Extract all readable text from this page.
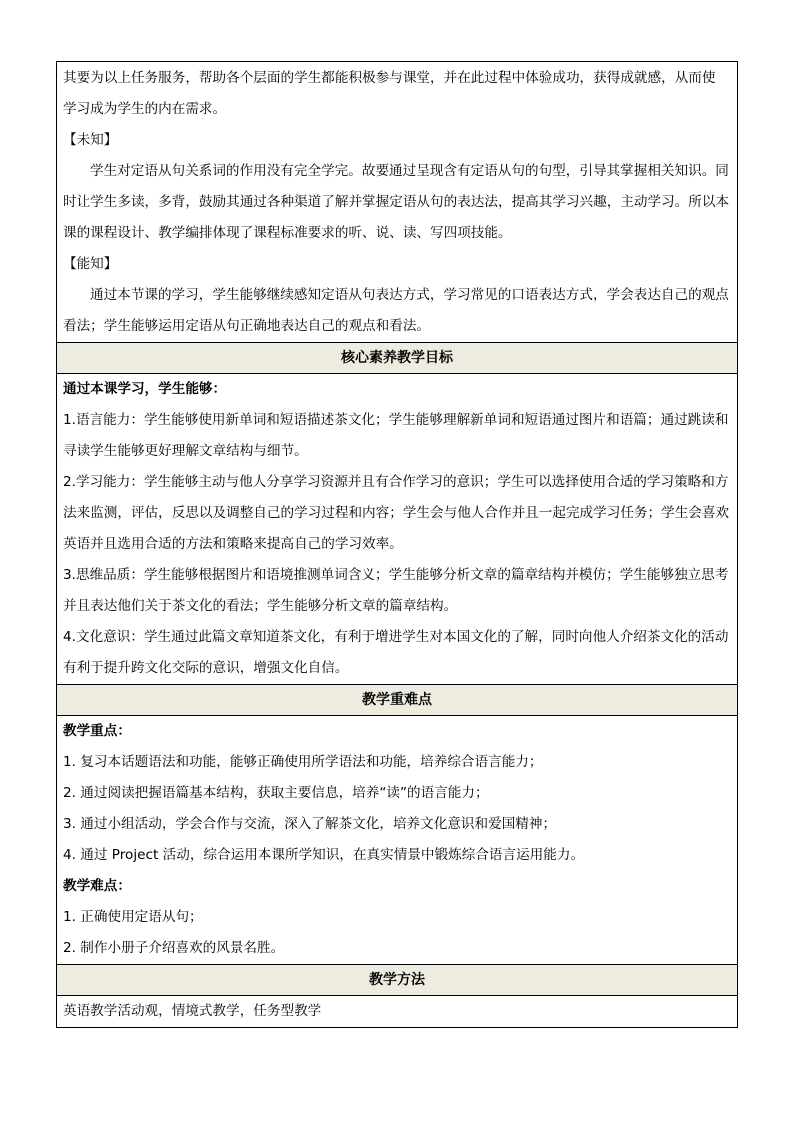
其要为以上任务服务，帮助各个层面的学生都能积极参与课堂，并在此过程中体验成功，获得成就感，从而使
学习成为学生的内在需求。
【未知】

学生对定语从句关系词的作用没有完全学完。故要通过呈现含有定语从句的句型，引导其掌握相关知识。同时让学生多读，多背，鼓励其通过各种渠道了解并掌握定语从句的表达法，提高其学习兴趣，主动学习。所以本课的课程设计、教学编排体现了课程标准要求的听、说、读、写四项技能。

【能知】

通过本节课的学习，学生能够继续感知定语从句表达方式，学习常见的口语表达方式，学会表达自己的观点看法；学生能够运用定语从句正确地表达自己的观点和看法。

核心素养教学目标
通过本课学习，学生能够：

1.语言能力：学生能够使用新单词和短语描述茶文化；学生能够理解新单词和短语通过图片和语篇；通过跳读和寻读学生能够更好理解文章结构与细节。

2.学习能力：学生能够主动与他人分享学习资源并且有合作学习的意识；学生可以选择使用合适的学习策略和方法来监测，评估，反思以及调整自己的学习过程和内容；学生会与他人合作并且一起完成学习任务；学生会喜欢英语并且选用合适的方法和策略来提高自己的学习效率。

3.思维品质：学生能够根据图片和语境推测单词含义；学生能够分析文章的篇章结构并模仿；学生能够独立思考并且表达他们关于茶文化的看法；学生能够分析文章的篇章结构。

4.文化意识：学生通过此篇文章知道茶文化，有利于增进学生对本国文化的了解，同时向他人介绍茶文化的活动有利于提升跨文化交际的意识，增强文化自信。

教学重难点
教学重点：
1. 复习本话题语法和功能，能够正确使用所学语法和功能，培养综合语言能力；
2. 通过阅读把握语篇基本结构，获取主要信息，培养“读”的语言能力；
3. 通过小组活动，学会合作与交流，深入了解茶文化，培养文化意识和爱国精神；
4. 通过 Project 活动，综合运用本课所学知识，在真实情景中锻炼综合语言运用能力。
教学难点：
1. 正确使用定语从句；
2. 制作小册子介绍喜欢的风景名胜。
教学方法
英语教学活动观，情境式教学，任务型教学
